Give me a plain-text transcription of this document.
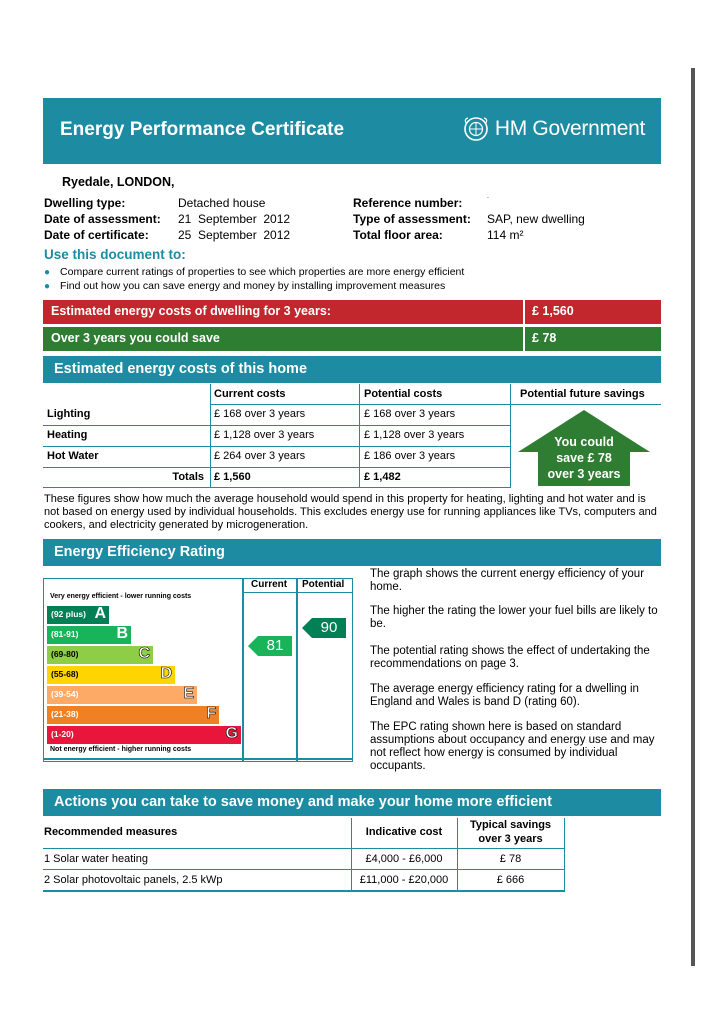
Energy Performance Certificate	HM Government
Ryedale, LONDON,
Dwelling type:	Detached house
Date of assessment: 21  September  2012
Date of certificate: 25  September  2012
Reference number:	.
Type of assessment: SAP, new dwelling
Total floor area:	114 m²
Use this document to:
● Compare current ratings of properties to see which properties are more energy efficient
● Find out how you can save energy and money by installing improvement measures
Estimated energy costs of dwelling for 3 years:	£ 1,560
Over 3 years you could save	£ 78
Estimated energy costs of this home
Current costs	Potential costs	Potential future savings
Lighting	£ 168 over 3 years	£ 168 over 3 years
Heating	£ 1,128 over 3 years	£ 1,128 over 3 years
Hot Water	£ 264 over 3 years	£ 186 over 3 years
Totals £ 1,560	£ 1,482
You could
save £ 78
over 3 years
These figures show how much the average household would spend in this property for heating, lighting and hot water and is not based on energy used by individual households. This excludes energy use for running appliances like TVs, computers and cookers, and electricity generated by microgeneration.
Energy Efficiency Rating
Current Potential
Very energy efficient - lower running costs
Not energy efficient - higher running costs
(92 plus) A
(81-91) B
(69-80)	C
(55-68)	D
(39-54)	E
(21-38)	F
(1-20)	G
81
90
The graph shows the current energy efficiency of your home.
The higher the rating the lower your fuel bills are likely to be.
The potential rating shows the effect of undertaking the recommendations on page 3.
The average energy efficiency rating for a dwelling in England and Wales is band D (rating 60).
The EPC rating shown here is based on standard assumptions about occupancy and energy use and may not reflect how energy is consumed by individual occupants.
Actions you can take to save money and make your home more efficient
Recommended measures	Indicative cost
Typical savings
over 3 years
1 Solar water heating	£4,000 - £6,000	£ 78
2 Solar photovoltaic panels, 2.5 kWp	£11,000 - £20,000	£ 666
